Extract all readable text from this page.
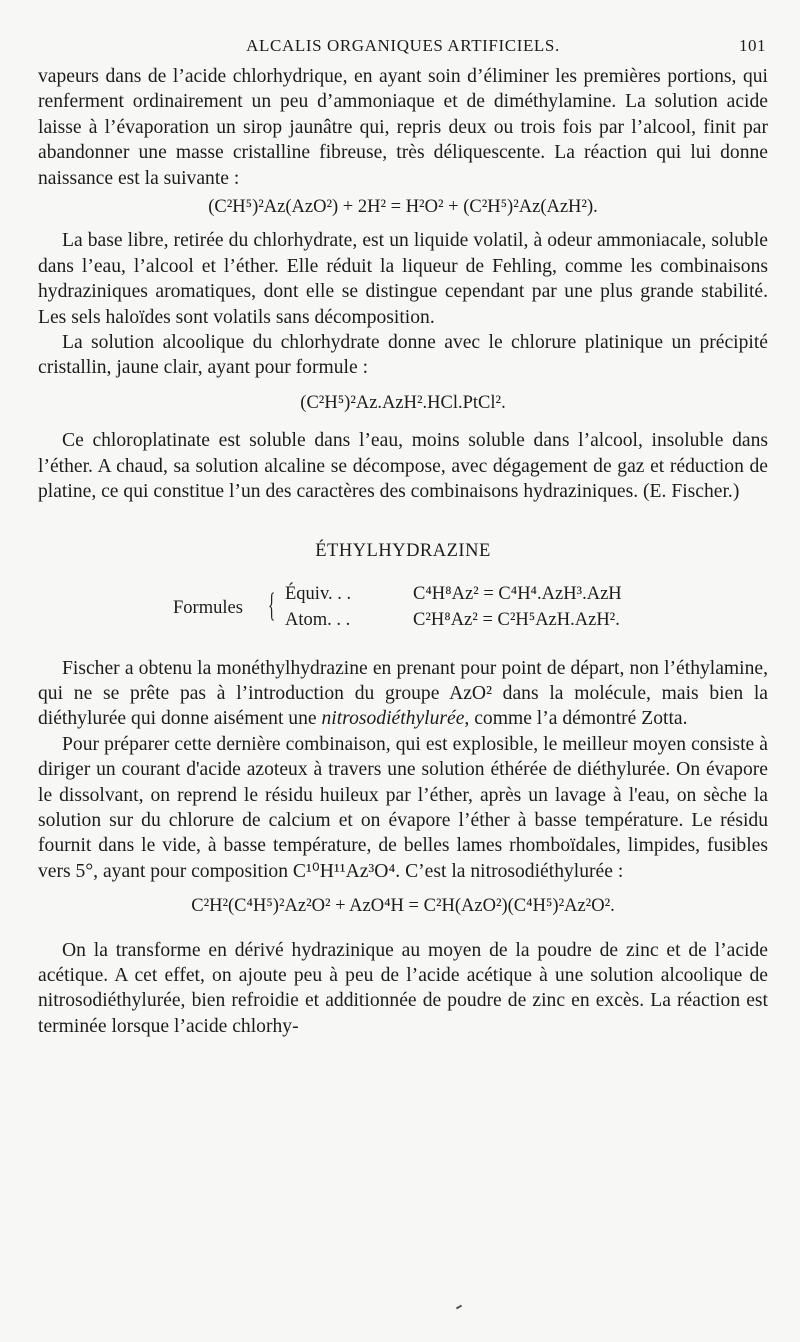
ALCALIS ORGANIQUES ARTIFICIELS.	101

vapeurs dans de l’acide chlorhydrique, en ayant soin d’éliminer les premières portions, qui renferment ordinairement un peu d’ammoniaque et de diméthylamine. La solution acide laisse à l’évaporation un sirop jaunâtre qui, repris deux ou trois fois par l’alcool, finit par abandonner une masse cristalline fibreuse, très déliquescente. La réaction qui lui donne naissance est la suivante :

(C²H⁵)²Az(AzO²) + 2H² = H²O² + (C²H⁵)²Az(AzH²).

La base libre, retirée du chlorhydrate, est un liquide volatil, à odeur ammoniacale, soluble dans l’eau, l’alcool et l’éther. Elle réduit la liqueur de Fehling, comme les combinaisons hydraziniques aromatiques, dont elle se distingue cependant par une plus grande stabilité. Les sels haloïdes sont volatils sans décomposition.

La solution alcoolique du chlorhydrate donne avec le chlorure platinique un précipité cristallin, jaune clair, ayant pour formule :

(C²H⁵)²Az.AzH².HCl.PtCl².

Ce chloroplatinate est soluble dans l’eau, moins soluble dans l’alcool, insoluble dans l’éther. A chaud, sa solution alcaline se décompose, avec dégagement de gaz et réduction de platine, ce qui constitue l’un des caractères des combinaisons hydraziniques. (E. Fischer.)

ÉTHYLHYDRAZINE
Formules { Équiv. . .	C⁴H⁸Az² = C⁴H⁴.AzH³.AzH
Atom. . .	C²H⁸Az² = C²H⁵AzH.AzH².

Fischer a obtenu la monéthylhydrazine en prenant pour point de départ, non l’éthylamine, qui ne se prête pas à l’introduction du groupe AzO² dans la molécule, mais bien la diéthylurée qui donne aisément une nitrosodiéthylurée, comme l’a démontré Zotta.

Pour préparer cette dernière combinaison, qui est explosible, le meilleur moyen consiste à diriger un courant d'acide azoteux à travers une solution éthérée de diéthylurée. On évapore le dissolvant, on reprend le résidu huileux par l’éther, après un lavage à l'eau, on sèche la solution sur du chlorure de calcium et on évapore l’éther à basse température. Le résidu fournit dans le vide, à basse température, de belles lames rhomboïdales, limpides, fusibles vers 5°, ayant pour composition C¹⁰H¹¹Az³O⁴. C’est la nitrosodiéthylurée :

C²H²(C⁴H⁵)²Az²O² + AzO⁴H = C²H(AzO²)(C⁴H⁵)²Az²O².

On la transforme en dérivé hydrazinique au moyen de la poudre de zinc et de l’acide acétique. A cet effet, on ajoute peu à peu de l’acide acétique à une solution alcoolique de nitrosodiéthylurée, bien refroidie et additionnée de poudre de zinc en excès. La réaction est terminée lorsque l’acide chlorhy-
